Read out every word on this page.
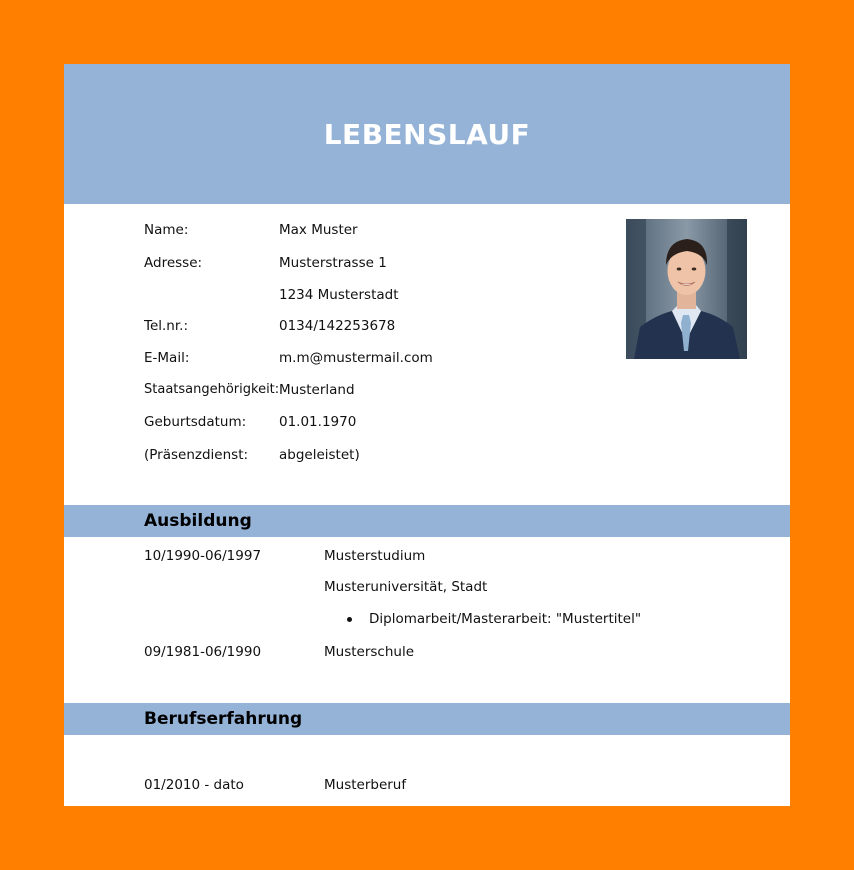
LEBENSLAUF
Name:	Max Muster
Adresse:	Musterstrasse 1
1234 Musterstadt
Tel.nr.:	0134/142253678
E-Mail:	m.m@mustermail.com
Staatsangehörigkeit: Musterland
Geburtsdatum: 01.01.1970
(Präsenzdienst: abgeleistet)
Ausbildung
10/1990-06/1997	Musterstudium
Musteruniversität, Stadt
Diplomarbeit/Masterarbeit: "Mustertitel"
09/1981-06/1990	Musterschule
Berufserfahrung
01/2010 - dato	Musterberuf
